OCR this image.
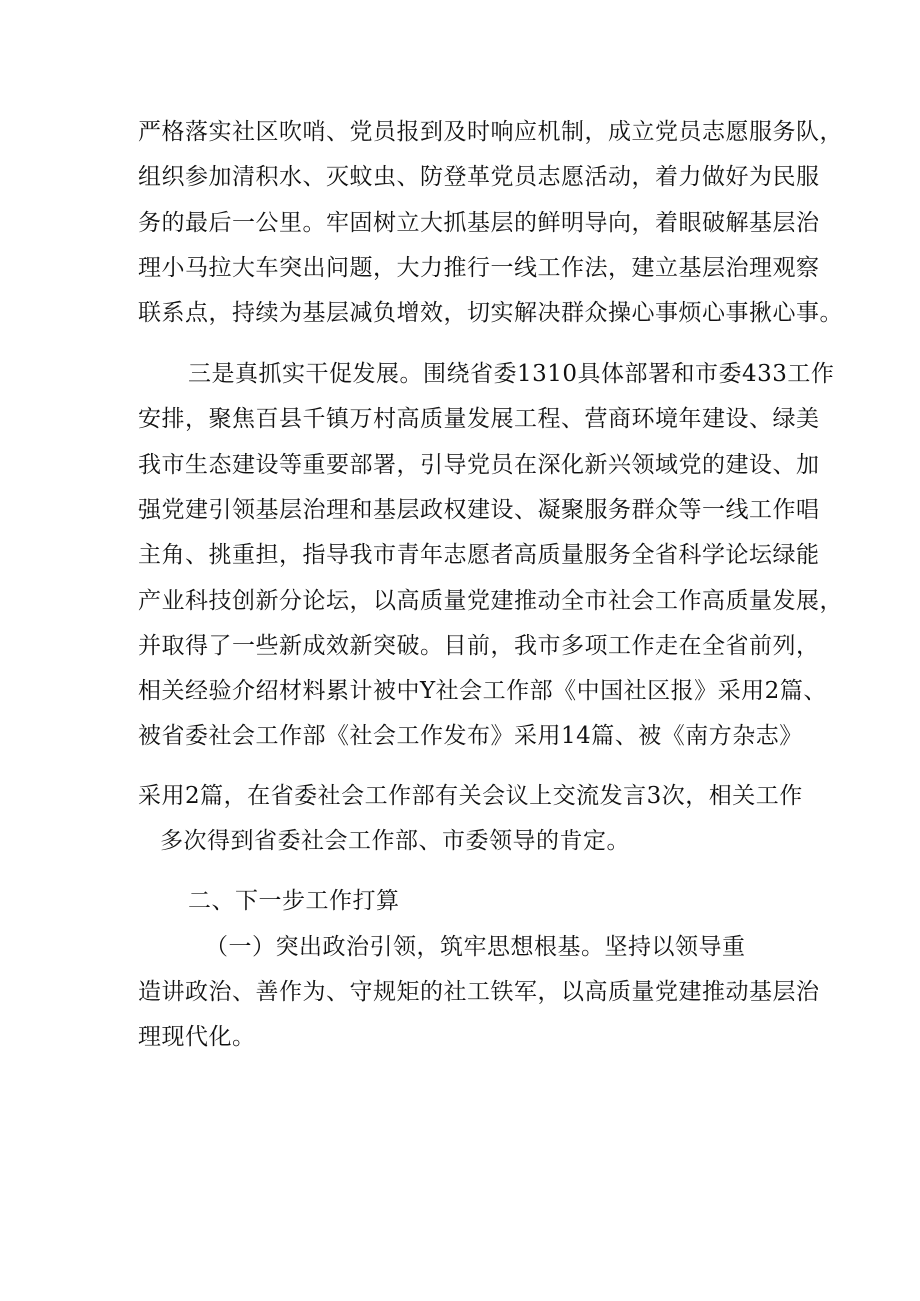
严格落实社区吹哨、党员报到及时响应机制，成立党员志愿服务队，
组织参加清积水、灭蚊虫、防登革党员志愿活动，着力做好为民服
务的最后一公里。牢固树立大抓基层的鲜明导向，着眼破解基层治
理小马拉大车突出问题，大力推行一线工作法，建立基层治理观察
联系点，持续为基层减负增效，切实解决群众操心事烦心事揪心事。
三是真抓实干促发展。围绕省委1310具体部署和市委433工作
安排，聚焦百县千镇万村高质量发展工程、营商环境年建设、绿美
我市生态建设等重要部署，引导党员在深化新兴领域党的建设、加
强党建引领基层治理和基层政权建设、凝聚服务群众等一线工作唱
主角、挑重担，指导我市青年志愿者高质量服务全省科学论坛绿能
产业科技创新分论坛，以高质量党建推动全市社会工作高质量发展，
并取得了一些新成效新突破。目前，我市多项工作走在全省前列，
相关经验介绍材料累计被中Y社会工作部《中国社区报》采用2篇、
被省委社会工作部《社会工作发布》采用14篇、被《南方杂志》
采用2篇，在省委社会工作部有关会议上交流发言3次，相关工作
多次得到省委社会工作部、市委领导的肯定。
二、下一步工作打算
（一）突出政治引领，筑牢思想根基。坚持以领导重
造讲政治、善作为、守规矩的社工铁军，以高质量党建推动基层治
理现代化。
